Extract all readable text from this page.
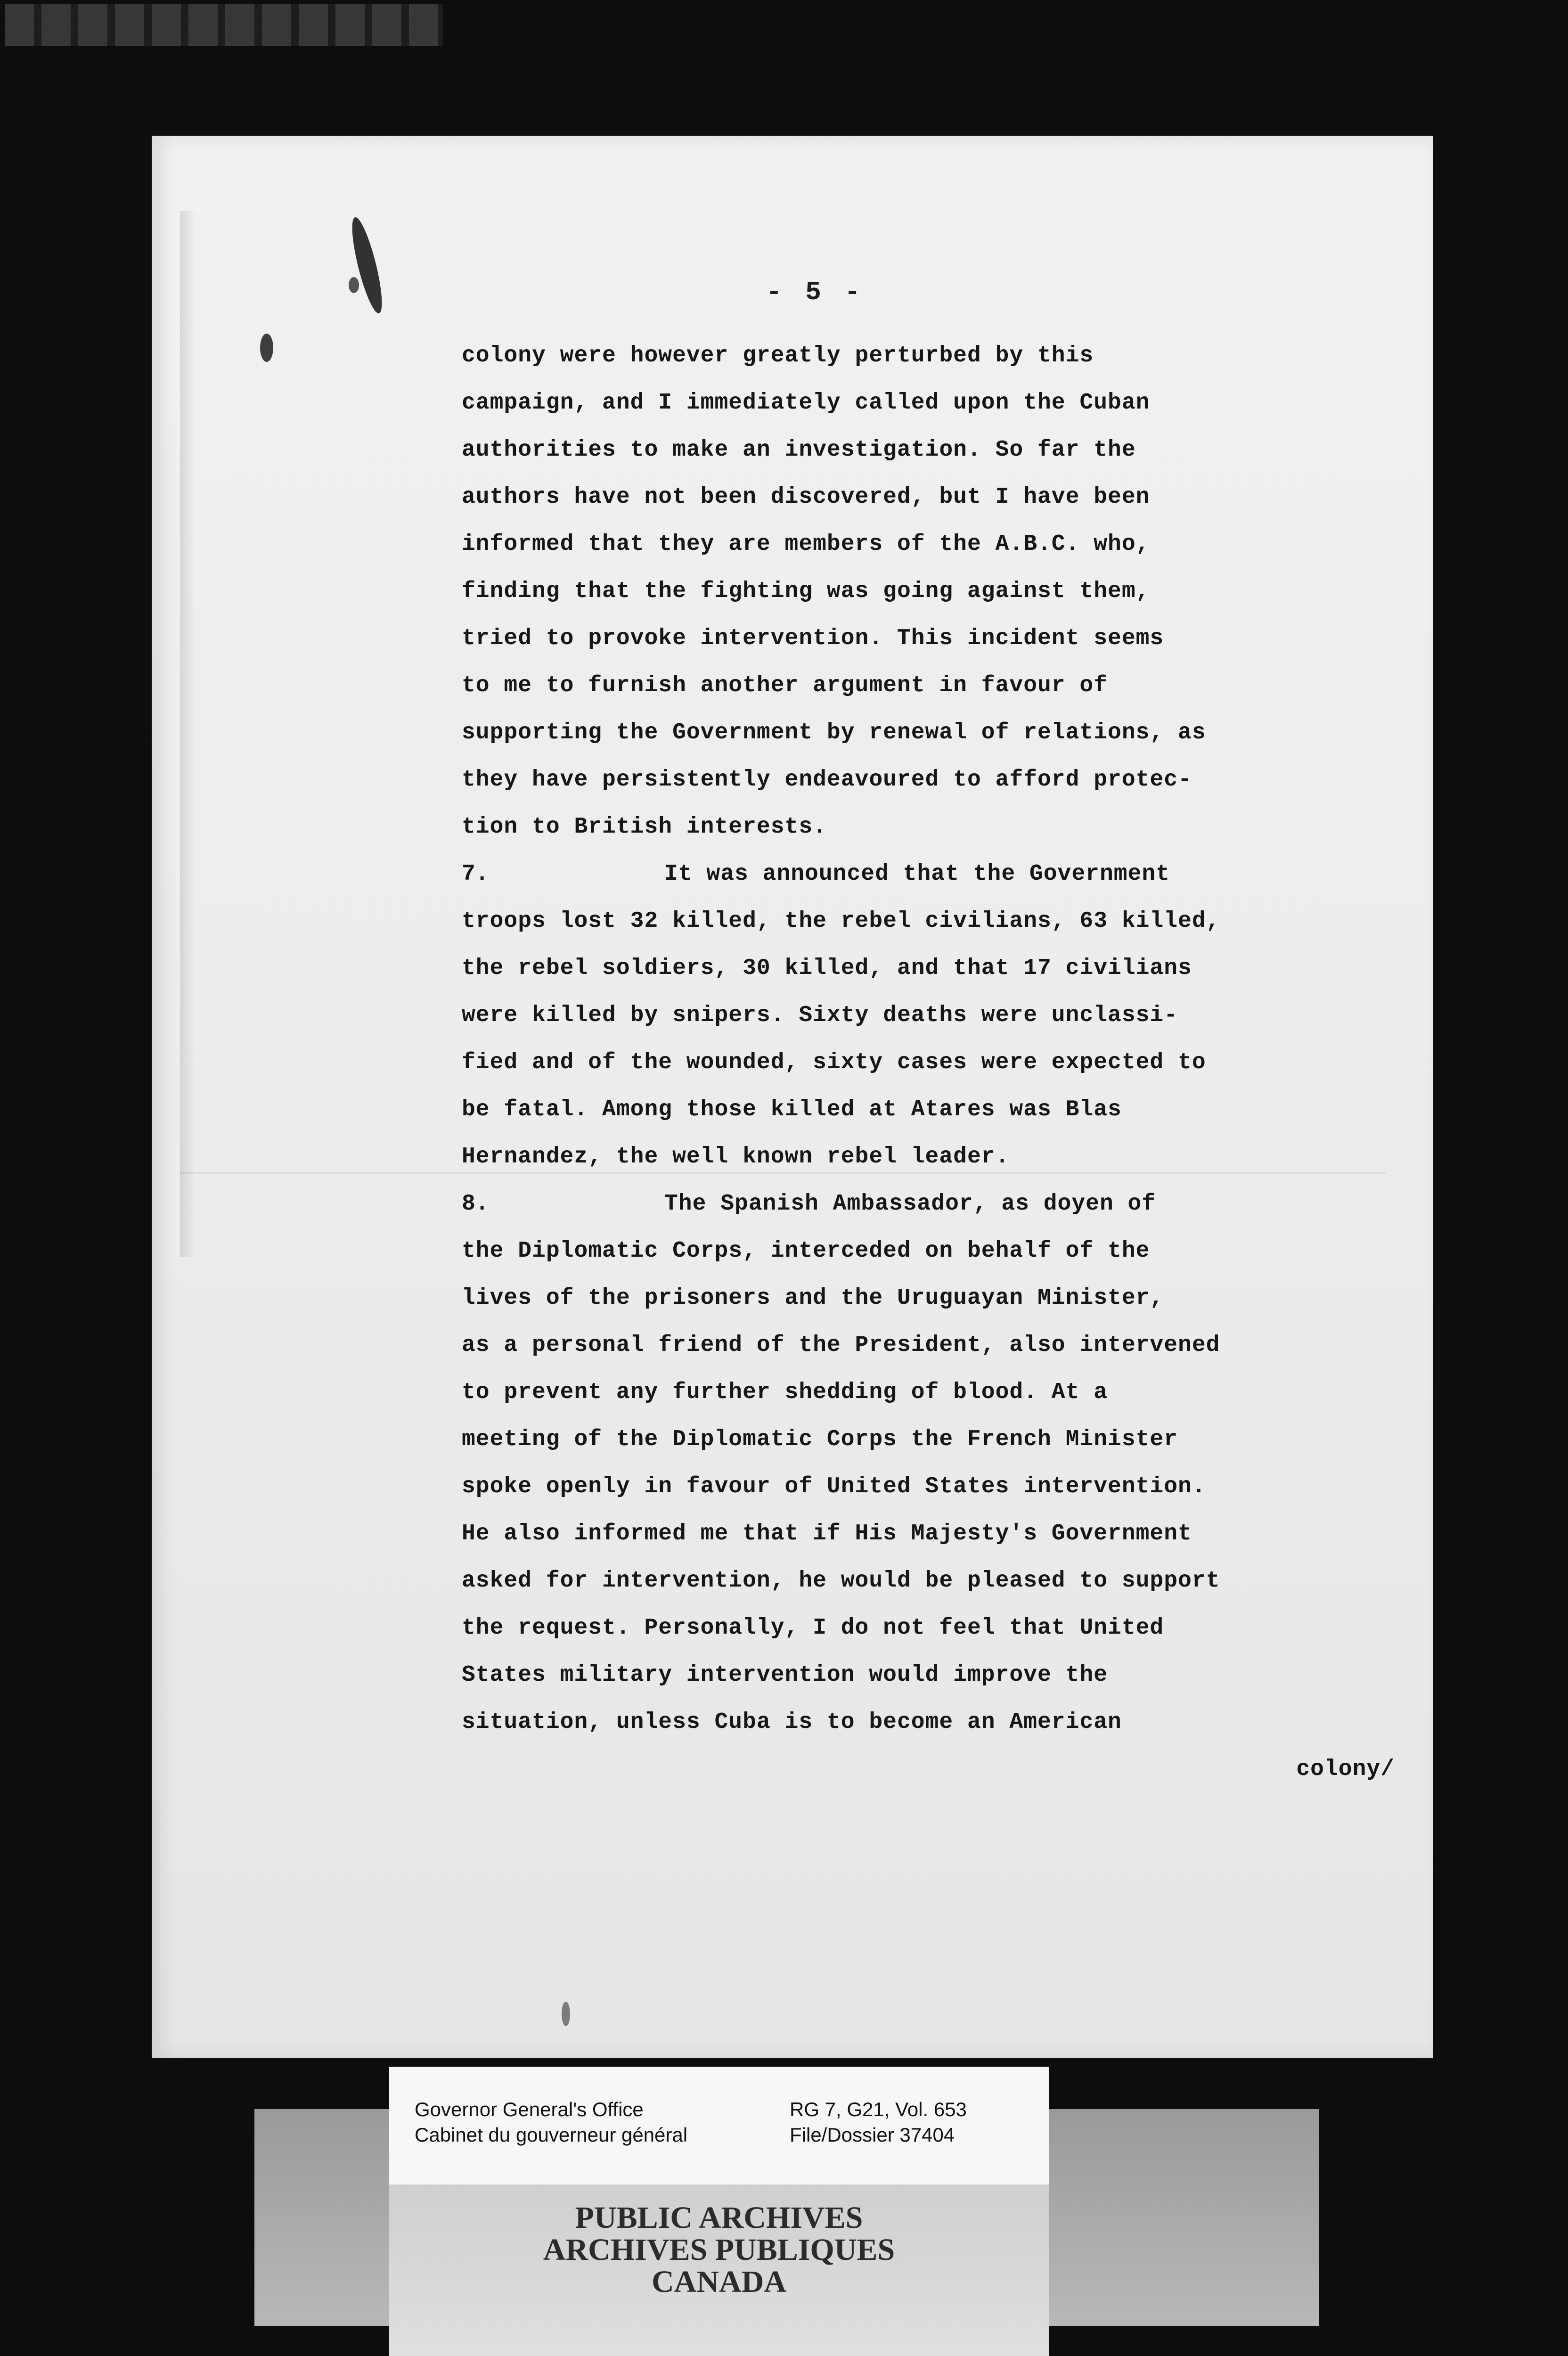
- 5 -
colony were however greatly perturbed by this
campaign, and I immediately called upon the Cuban
authorities to make an investigation. So far the
authors have not been discovered, but I have been
informed that they are members of the A.B.C. who,
finding that the fighting was going against them,
tried to provoke intervention. This incident seems
to me to furnish another argument in favour of
supporting the Government by renewal of relations, as
they have persistently endeavoured to afford protec-
tion to British interests.
7.	It was announced that the Government
troops lost 32 killed, the rebel civilians, 63 killed,
the rebel soldiers, 30 killed, and that 17 civilians
were killed by snipers. Sixty deaths were unclassi-
fied and of the wounded, sixty cases were expected to
be fatal. Among those killed at Atares was Blas
Hernandez, the well known rebel leader.
8.	The Spanish Ambassador, as doyen of
the Diplomatic Corps, interceded on behalf of the
lives of the prisoners and the Uruguayan Minister,
as a personal friend of the President, also intervened
to prevent any further shedding of blood. At a
meeting of the Diplomatic Corps the French Minister
spoke openly in favour of United States intervention.
He also informed me that if His Majesty's Government
asked for intervention, he would be pleased to support
the request. Personally, I do not feel that United
States military intervention would improve the
situation, unless Cuba is to become an American
colony/
Governor General's Office
Cabinet du gouverneur général
RG 7, G21, Vol. 653
File/Dossier 37404
PUBLIC ARCHIVES
ARCHIVES PUBLIQUES
CANADA
